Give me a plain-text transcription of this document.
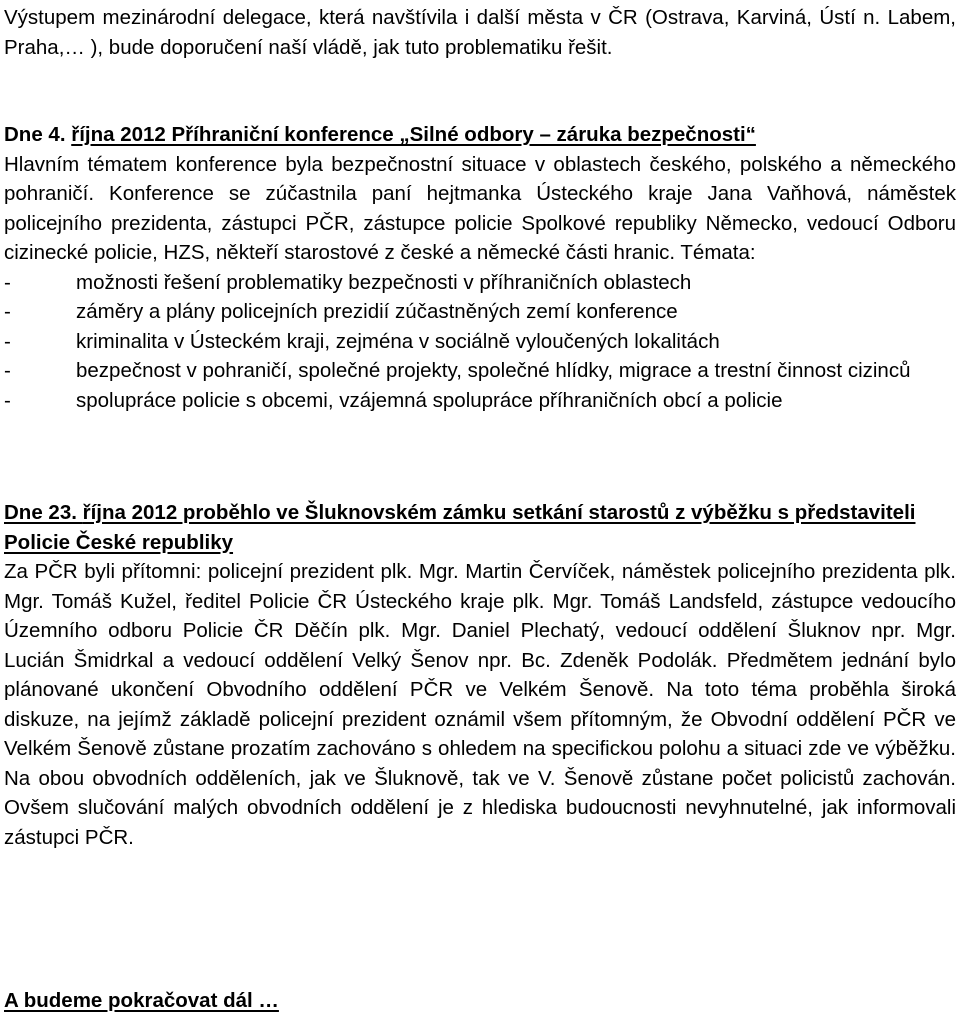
Výstupem mezinárodní delegace, která navštívila i další města v ČR (Ostrava, Karviná, Ústí n. Labem, Praha,… ), bude doporučení naší vládě, jak tuto problematiku řešit.

Dne 4. října 2012 Příhraniční konference „Silné odbory – záruka bezpečnosti“

Hlavním tématem konference byla bezpečnostní situace v oblastech českého, polského a německého pohraničí. Konference se zúčastnila paní hejtmanka Ústeckého kraje Jana Vaňhová, náměstek policejního prezidenta, zástupci PČR, zástupce policie Spolkové republiky Německo, vedoucí Odboru cizinecké policie, HZS, někteří starostové z české a německé části hranic. Témata:

-	možnosti řešení problematiky bezpečnosti v příhraničních oblastech
-	záměry a plány policejních prezidií zúčastněných zemí konference
-	kriminalita v Ústeckém kraji, zejména v sociálně vyloučených lokalitách
-	bezpečnost v pohraničí, společné projekty, společné hlídky, migrace a trestní činnost cizinců
-	spolupráce policie s obcemi, vzájemná spolupráce příhraničních obcí a policie

Dne 23. října 2012 proběhlo ve Šluknovském zámku setkání starostů z výběžku s představiteli Policie České republiky

Za PČR byli přítomni: policejní prezident plk. Mgr. Martin Červíček, náměstek policejního prezidenta plk. Mgr. Tomáš Kužel, ředitel Policie ČR Ústeckého kraje plk. Mgr. Tomáš Landsfeld, zástupce vedoucího Územního odboru Policie ČR Děčín plk. Mgr. Daniel Plechatý, vedoucí oddělení Šluknov npr. Mgr. Lucián Šmidrkal a vedoucí oddělení Velký Šenov npr. Bc. Zdeněk Podolák. Předmětem jednání bylo plánované ukončení Obvodního oddělení PČR ve Velkém Šenově. Na toto téma proběhla široká diskuze, na jejímž základě policejní prezident oznámil všem přítomným, že Obvodní oddělení PČR ve Velkém Šenově zůstane prozatím zachováno s ohledem na specifickou polohu a situaci zde ve výběžku. Na obou obvodních odděleních, jak ve Šluknově, tak ve V. Šenově zůstane počet policistů zachován. Ovšem slučování malých obvodních oddělení je z hlediska budoucnosti nevyhnutelné, jak informovali zástupci PČR.

A budeme pokračovat dál …
